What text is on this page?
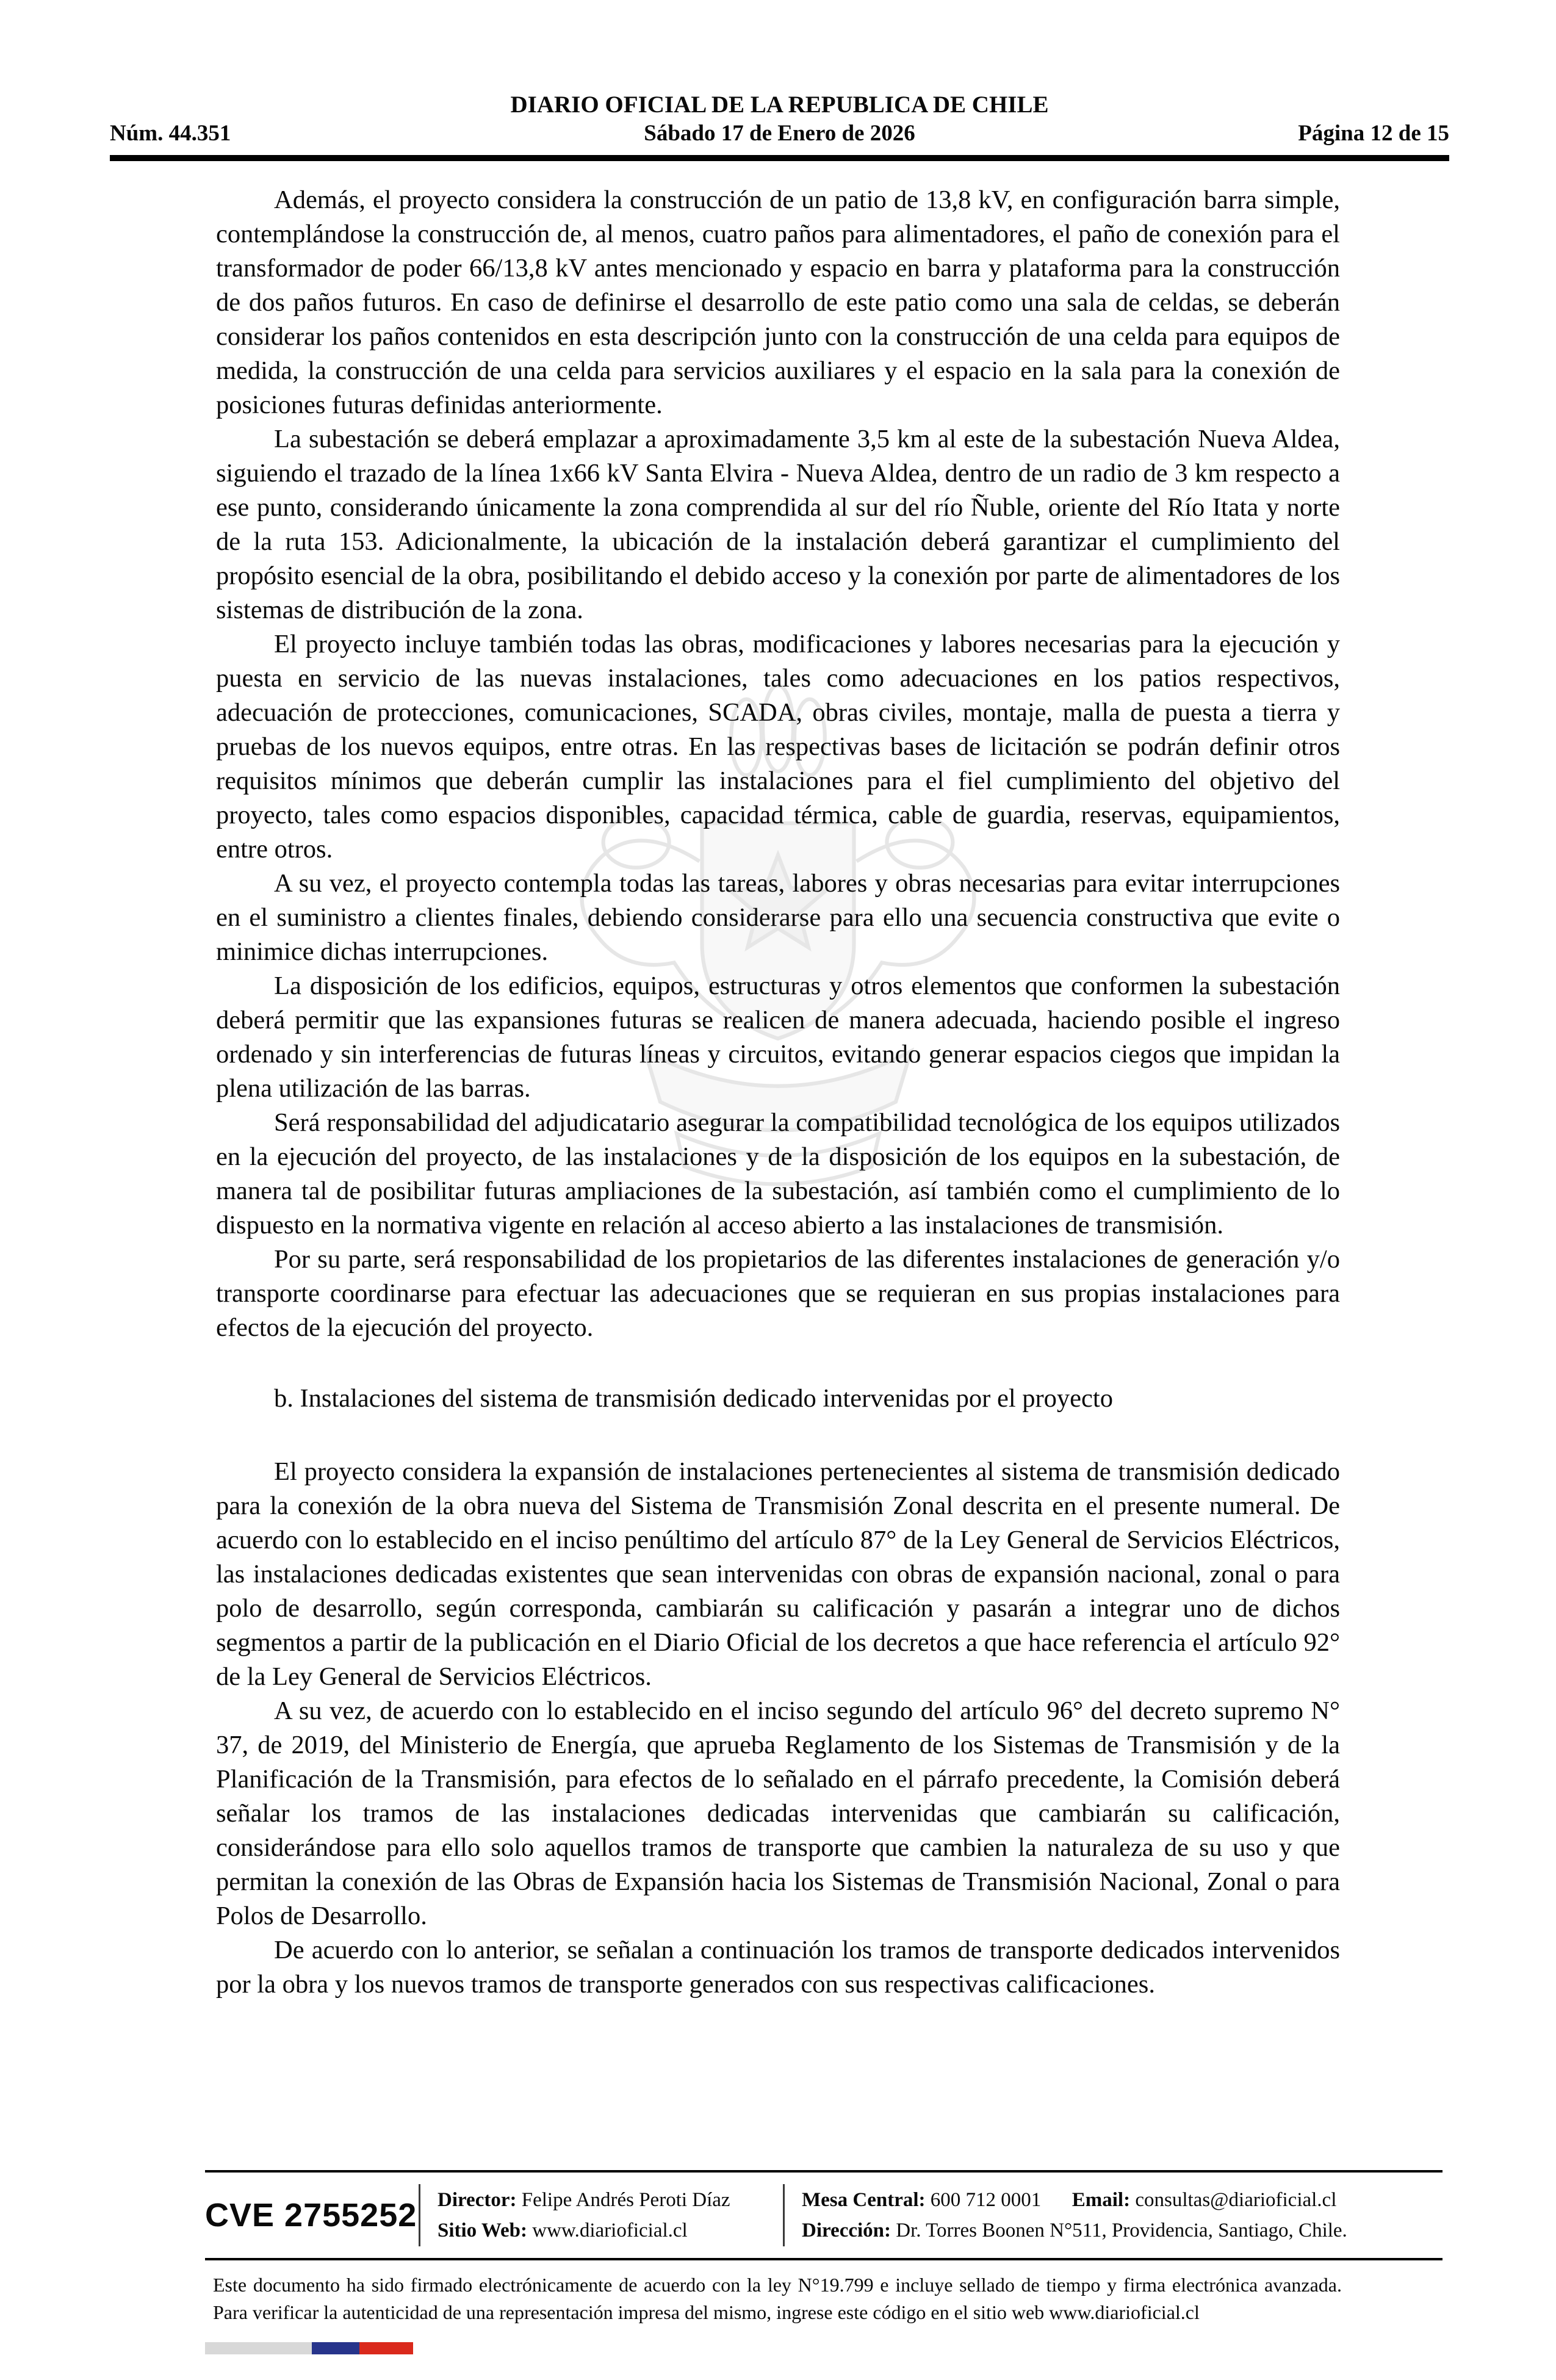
Núm. 44.351
DIARIO OFICIAL DE LA REPUBLICA DE CHILE
Sábado 17 de Enero de 2026	Página 12 de 15

Además, el proyecto considera la construcción de un patio de 13,8 kV, en configuración barra simple, contemplándose la construcción de, al menos, cuatro paños para alimentadores, el paño de conexión para el transformador de poder 66/13,8 kV antes mencionado y espacio en barra y plataforma para la construcción de dos paños futuros. En caso de definirse el desarrollo de este patio como una sala de celdas, se deberán considerar los paños contenidos en esta descripción junto con la construcción de una celda para equipos de medida, la construcción de una celda para servicios auxiliares y el espacio en la sala para la conexión de posiciones futuras definidas anteriormente.

La subestación se deberá emplazar a aproximadamente 3,5 km al este de la subestación Nueva Aldea, siguiendo el trazado de la línea 1x66 kV Santa Elvira - Nueva Aldea, dentro de un radio de 3 km respecto a ese punto, considerando únicamente la zona comprendida al sur del río Ñuble, oriente del Río Itata y norte de la ruta 153. Adicionalmente, la ubicación de la instalación deberá garantizar el cumplimiento del propósito esencial de la obra, posibilitando el debido acceso y la conexión por parte de alimentadores de los sistemas de distribución de la zona.

El proyecto incluye también todas las obras, modificaciones y labores necesarias para la ejecución y puesta en servicio de las nuevas instalaciones, tales como adecuaciones en los patios respectivos, adecuación de protecciones, comunicaciones, SCADA, obras civiles, montaje, malla de puesta a tierra y pruebas de los nuevos equipos, entre otras. En las respectivas bases de licitación se podrán definir otros requisitos mínimos que deberán cumplir las instalaciones para el fiel cumplimiento del objetivo del proyecto, tales como espacios disponibles, capacidad térmica, cable de guardia, reservas, equipamientos, entre otros.

A su vez, el proyecto contempla todas las tareas, labores y obras necesarias para evitar interrupciones en el suministro a clientes finales, debiendo considerarse para ello una secuencia constructiva que evite o minimice dichas interrupciones.

La disposición de los edificios, equipos, estructuras y otros elementos que conformen la subestación deberá permitir que las expansiones futuras se realicen de manera adecuada, haciendo posible el ingreso ordenado y sin interferencias de futuras líneas y circuitos, evitando generar espacios ciegos que impidan la plena utilización de las barras.

Será responsabilidad del adjudicatario asegurar la compatibilidad tecnológica de los equipos utilizados en la ejecución del proyecto, de las instalaciones y de la disposición de los equipos en la subestación, de manera tal de posibilitar futuras ampliaciones de la subestación, así también como el cumplimiento de lo dispuesto en la normativa vigente en relación al acceso abierto a las instalaciones de transmisión.

Por su parte, será responsabilidad de los propietarios de las diferentes instalaciones de generación y/o transporte coordinarse para efectuar las adecuaciones que se requieran en sus propias instalaciones para efectos de la ejecución del proyecto.

b. Instalaciones del sistema de transmisión dedicado intervenidas por el proyecto

El proyecto considera la expansión de instalaciones pertenecientes al sistema de transmisión dedicado para la conexión de la obra nueva del Sistema de Transmisión Zonal descrita en el presente numeral. De acuerdo con lo establecido en el inciso penúltimo del artículo 87° de la Ley General de Servicios Eléctricos, las instalaciones dedicadas existentes que sean intervenidas con obras de expansión nacional, zonal o para polo de desarrollo, según corresponda, cambiarán su calificación y pasarán a integrar uno de dichos segmentos a partir de la publicación en el Diario Oficial de los decretos a que hace referencia el artículo 92° de la Ley General de Servicios Eléctricos.

A su vez, de acuerdo con lo establecido en el inciso segundo del artículo 96° del decreto supremo N° 37, de 2019, del Ministerio de Energía, que aprueba Reglamento de los Sistemas de Transmisión y de la Planificación de la Transmisión, para efectos de lo señalado en el párrafo precedente, la Comisión deberá señalar los tramos de las instalaciones dedicadas intervenidas que cambiarán su calificación, considerándose para ello solo aquellos tramos de transporte que cambien la naturaleza de su uso y que permitan la conexión de las Obras de Expansión hacia los Sistemas de Transmisión Nacional, Zonal o para Polos de Desarrollo.

De acuerdo con lo anterior, se señalan a continuación los tramos de transporte dedicados intervenidos por la obra y los nuevos tramos de transporte generados con sus respectivas calificaciones.

CVE 2755252 Director: Felipe Andrés Peroti Díaz
Sitio Web: www.diarioficial.cl
Mesa Central: 600 712 0001 Email: consultas@diarioficial.cl
Dirección: Dr. Torres Boonen N°511, Providencia, Santiago, Chile.
Este documento ha sido firmado electrónicamente de acuerdo con la ley N°19.799 e incluye sellado de tiempo y firma electrónica avanzada. Para verificar la autenticidad de una representación impresa del mismo, ingrese este código en el sitio web www.diarioficial.cl
